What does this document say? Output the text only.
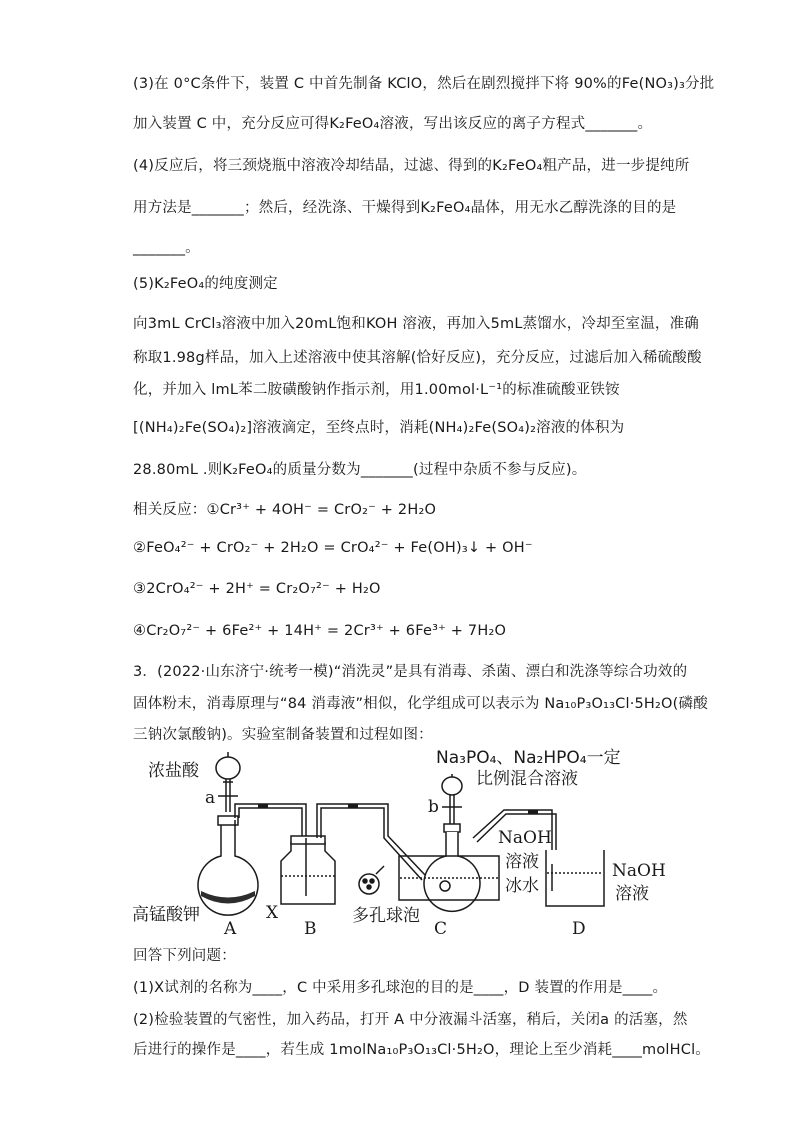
(3)在 0°C条件下，装置 C 中首先制备 KClO，然后在剧烈搅拌下将 90%的Fe(NO₃)₃分批
加入装置 C 中，充分反应可得K₂FeO₄溶液，写出该反应的离子方程式_______。
(4)反应后，将三颈烧瓶中溶液冷却结晶，过滤、得到的K₂FeO₄粗产品，进一步提纯所
用方法是_______；然后，经洗涤、干燥得到K₂FeO₄晶体，用无水乙醇洗涤的目的是
_______。
(5)K₂FeO₄的纯度测定
向3mL CrCl₃溶液中加入20mL饱和KOH 溶液，再加入5mL蒸馏水，冷却至室温，准确
称取1.98g样品，加入上述溶液中使其溶解(恰好反应)，充分反应，过滤后加入稀硫酸酸
化，并加入 lmL苯二胺磺酸钠作指示剂，用1.00mol·L⁻¹的标准硫酸亚铁铵
[(NH₄)₂Fe(SO₄)₂]溶液滴定，至终点时，消耗(NH₄)₂Fe(SO₄)₂溶液的体积为
28.80mL .则K₂FeO₄的质量分数为_______(过程中杂质不参与反应)。
相关反应：①Cr³⁺ + 4OH⁻ = CrO₂⁻ + 2H₂O
②FeO₄²⁻ + CrO₂⁻ + 2H₂O = CrO₄²⁻ + Fe(OH)₃↓ + OH⁻
③2CrO₄²⁻ + 2H⁺ = Cr₂O₇²⁻ + H₂O
④Cr₂O₇²⁻ + 6Fe²⁺ + 14H⁺ = 2Cr³⁺ + 6Fe³⁺ + 7H₂O
3．(2022·山东济宁·统考一模)“消洗灵”是具有消毒、杀菌、漂白和洗涤等综合功效的
固体粉末，消毒原理与“84 消毒液”相似，化学组成可以表示为 Na₁₀P₃O₁₃Cl·5H₂O(磷酸
三钠次氯酸钠)。实验室制备装置和过程如图：
浓盐酸
a	b
高锰酸钾	X
Na₃PO₄、Na₂HPO₄一定
比例混合溶液
NaOH
溶液
冰水
多孔球泡
NaOH
溶液
A	B	C	D
回答下列问题：
(1)X试剂的名称为____，C 中采用多孔球泡的目的是____，D 装置的作用是____。
(2)检验装置的气密性，加入药品，打开 A 中分液漏斗活塞，稍后，关闭a 的活塞，然
后进行的操作是____，若生成 1molNa₁₀P₃O₁₃Cl·5H₂O，理论上至少消耗____molHCl。
